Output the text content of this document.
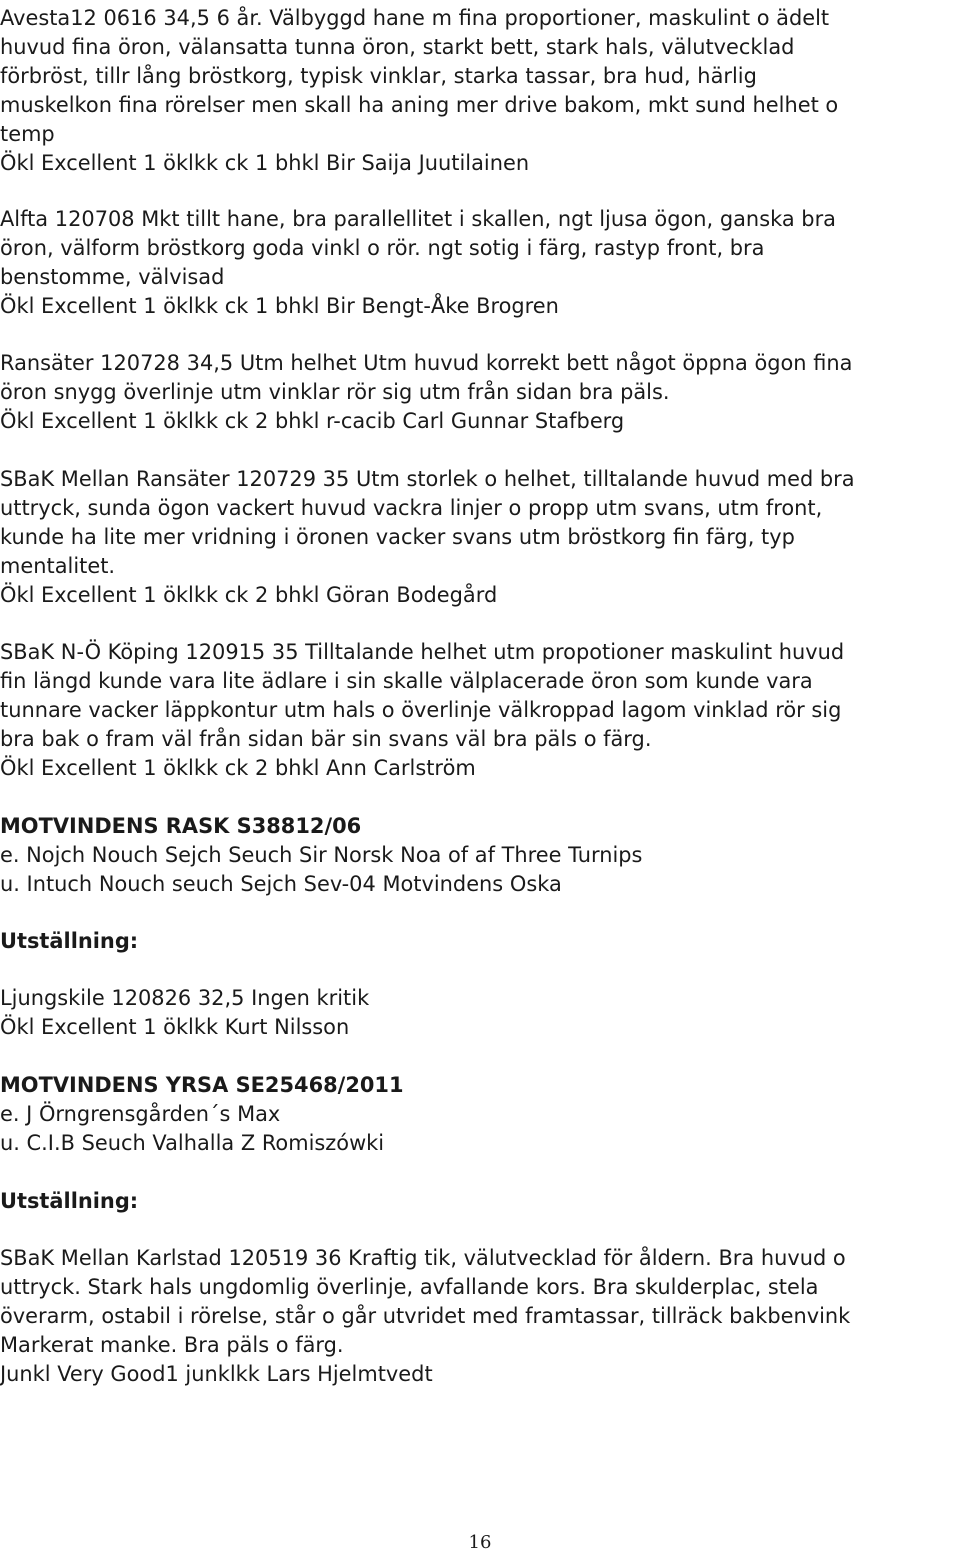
Avesta12 0616 34,5 6 år. Välbyggd hane m fina proportioner, maskulint o ädelt
huvud fina öron, välansatta tunna öron, starkt bett, stark hals, välutvecklad
förbröst, tillr lång bröstkorg, typisk vinklar, starka tassar, bra hud, härlig
muskelkon fina rörelser men skall ha aning mer drive bakom, mkt sund helhet o
temp
Ökl Excellent 1 öklkk ck 1 bhkl Bir Saija Juutilainen
Alfta 120708 Mkt tillt hane, bra parallellitet i skallen, ngt ljusa ögon, ganska bra
öron, välform bröstkorg goda vinkl o rör. ngt sotig i färg, rastyp front, bra
benstomme, välvisad
Ökl Excellent 1 öklkk ck 1 bhkl Bir Bengt-Åke Brogren
Ransäter 120728 34,5 Utm helhet Utm huvud korrekt bett något öppna ögon fina
öron snygg överlinje utm vinklar rör sig utm från sidan bra päls.
Ökl Excellent 1 öklkk ck 2 bhkl r-cacib Carl Gunnar Stafberg
SBaK Mellan Ransäter 120729 35 Utm storlek o helhet, tilltalande huvud med bra
uttryck, sunda ögon vackert huvud vackra linjer o propp utm svans, utm front,
kunde ha lite mer vridning i öronen vacker svans utm bröstkorg fin färg, typ
mentalitet.
Ökl Excellent 1 öklkk ck 2 bhkl Göran Bodegård
SBaK N-Ö Köping 120915 35 Tilltalande helhet utm propotioner maskulint huvud
fin längd kunde vara lite ädlare i sin skalle välplacerade öron som kunde vara
tunnare vacker läppkontur utm hals o överlinje välkroppad lagom vinklad rör sig
bra bak o fram väl från sidan bär sin svans väl bra päls o färg.
Ökl Excellent 1 öklkk ck 2 bhkl Ann Carlström
MOTVINDENS RASK S38812/06
e. Nojch Nouch Sejch Seuch Sir Norsk Noa of af Three Turnips
u. Intuch Nouch seuch Sejch Sev-04 Motvindens Oska
Utställning:
Ljungskile 120826 32,5 Ingen kritik
Ökl Excellent 1 öklkk Kurt Nilsson
MOTVINDENS YRSA SE25468/2011
e. J Örngrensgården´s Max
u. C.I.B Seuch Valhalla Z Romiszówki
Utställning:
SBaK Mellan Karlstad 120519 36 Kraftig tik, välutvecklad för åldern. Bra huvud o
uttryck. Stark hals ungdomlig överlinje, avfallande kors. Bra skulderplac, stela
överarm, ostabil i rörelse, står o går utvridet med framtassar, tillräck bakbenvink
Markerat manke. Bra päls o färg.
Junkl Very Good1 junklkk Lars Hjelmtvedt
16
